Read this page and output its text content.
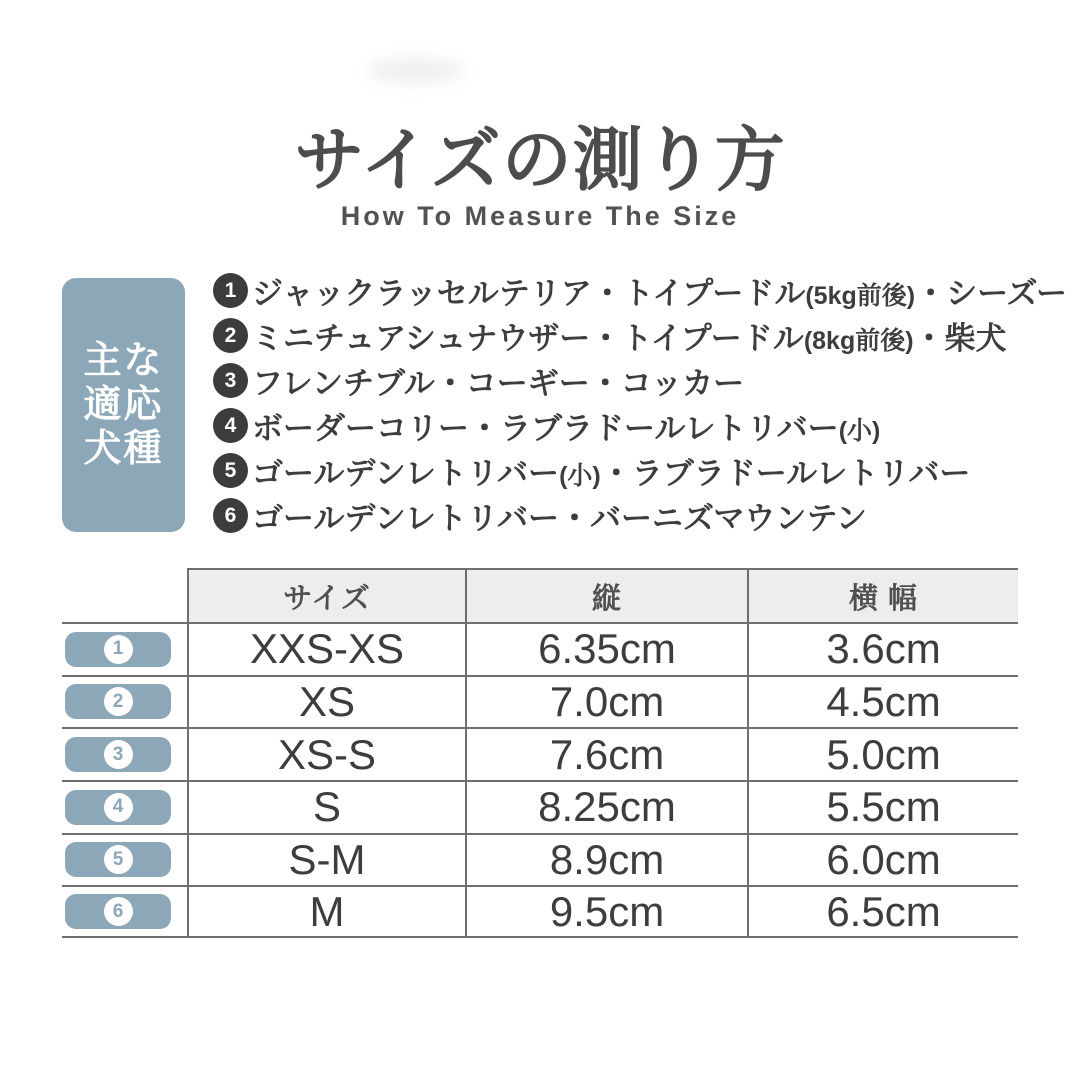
サイズの測り方
How To Measure The Size
主な
適応
犬種
1 ジャックラッセルテリア・トイプードル(5kg前後)・シーズー
2 ミニチュアシュナウザー・トイプードル(8kg前後)・柴犬
3 フレンチブル・コーギー・コッカー
4 ボーダーコリー・ラブラドールレトリバー(小)
5 ゴールデンレトリバー(小)・ラブラドールレトリバー
6 ゴールデンレトリバー・バーニズマウンテン
サイズ	縦	横 幅
1	XXS-XS	6.35cm	3.6cm
2	XS	7.0cm	4.5cm
3	XS-S	7.6cm	5.0cm
4	S	8.25cm	5.5cm
5	S-M	8.9cm	6.0cm
6	M	9.5cm	6.5cm
